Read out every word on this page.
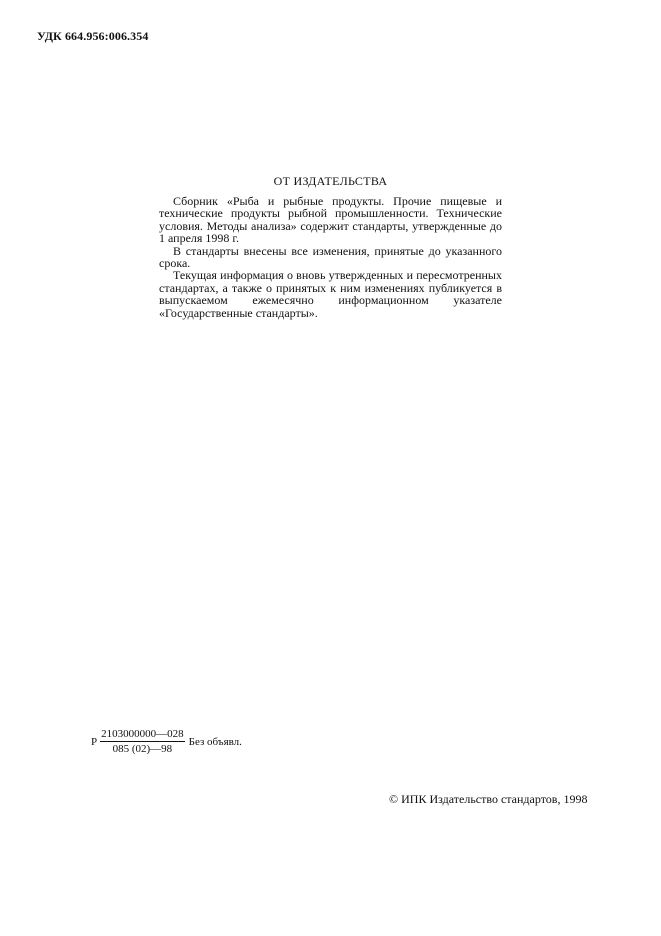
УДК 664.956:006.354
ОТ ИЗДАТЕЛЬСТВА

Сборник «Рыба и рыбные продукты. Прочие пищевые и технические продукты рыбной промышленности. Технические условия. Методы анализа» содержит стандарты, утвержденные до 1 апреля 1998 г.

В стандарты внесены все изменения, принятые до указанного срока.

Текущая информация о вновь утвержденных и пересмотренных стандартах, а также о принятых к ним изменениях публикуется в выпускаемом ежемесячно информационном указателе «Государственные стандарты».

Р $\frac{2103000000—028}{085 (02)—98}$ Без объявл.
© ИПК Издательство стандартов, 1998
